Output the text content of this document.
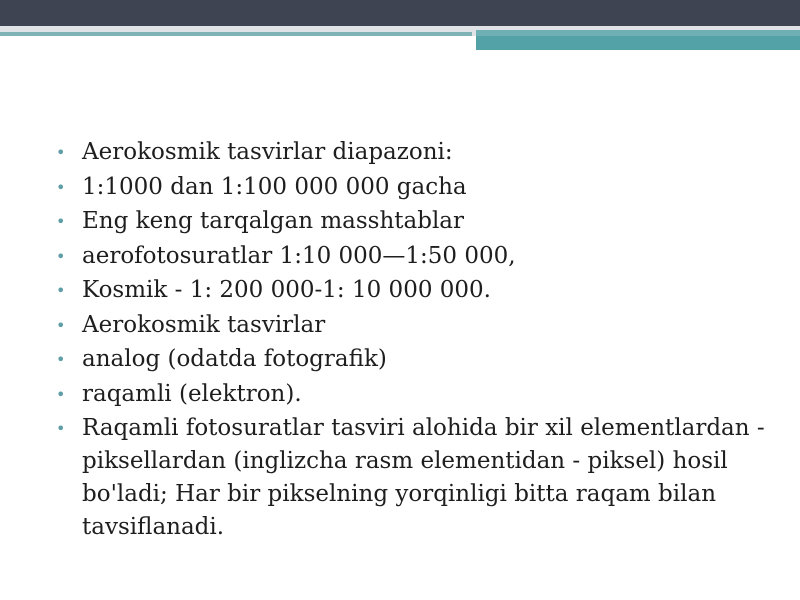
• Aerokosmik tasvirlar diapazoni:
• 1:1000 dan 1:100 000 000 gacha
• Eng keng tarqalgan masshtablar
• aerofotosuratlar 1:10 000—1:50 000,
• Kosmik - 1: 200 000-1: 10 000 000.
• Aerokosmik tasvirlar
• analog (odatda fotografik)
• raqamli (elektron).
• Raqamli fotosuratlar tasviri alohida bir xil elementlardan - piksellardan (inglizcha rasm elementidan - piksel) hosil bo'ladi; Har bir pikselning yorqinligi bitta raqam bilan tavsiflanadi.
